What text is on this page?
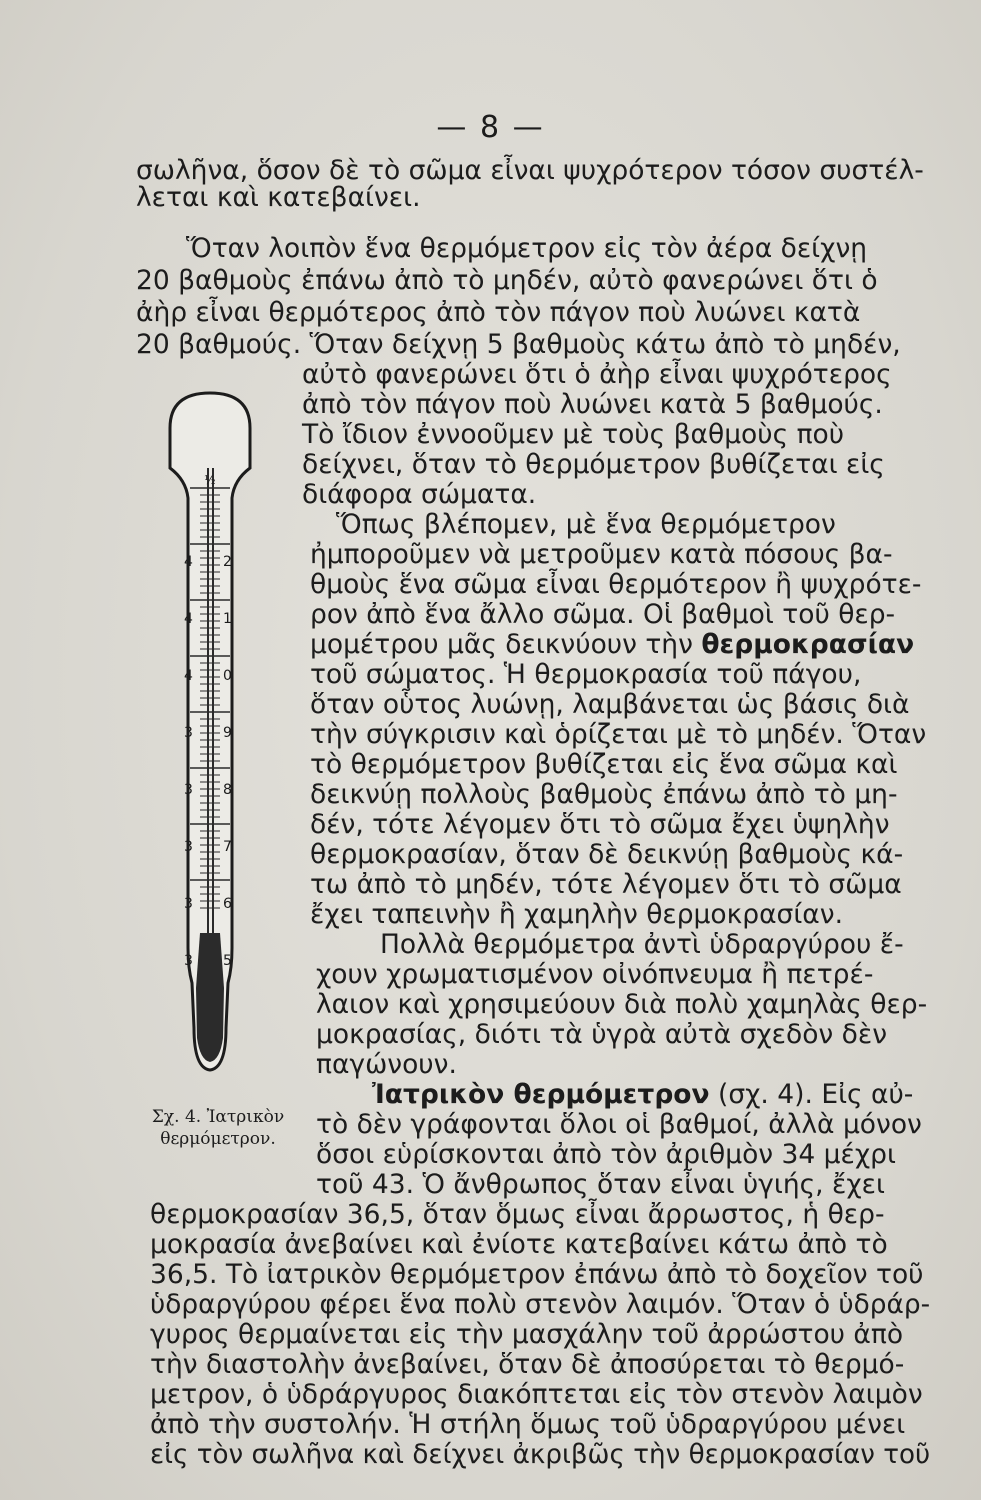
— 8 —
½
4 2
4 1
4 0
3 9
3 8
3 7
3 6
3 5
Σχ. 4. Ἰατρικὸν θερμόμετρον.
σωλῆνα, ὅσον δὲ τὸ σῶμα εἶναι ψυχρότερον τόσον συστέλ-
λεται καὶ κατεβαίνει.
Ὅταν λοιπὸν ἕνα θερμόμετρον εἰς τὸν ἀέρα δείχνῃ
20 βαθμοὺς ἐπάνω ἀπὸ τὸ μηδέν, αὐτὸ φανερώνει ὅτι ὁ
ἀὴρ εἶναι θερμότερος ἀπὸ τὸν πάγον ποὺ λυώνει κατὰ
20 βαθμούς. Ὅταν δείχνῃ 5 βαθμοὺς κάτω ἀπὸ τὸ μηδέν,
αὐτὸ φανερώνει ὅτι ὁ ἀὴρ εἶναι ψυχρότερος
ἀπὸ τὸν πάγον ποὺ λυώνει κατὰ 5 βαθμούς.
Τὸ ἴδιον ἐννοοῦμεν μὲ τοὺς βαθμοὺς ποὺ
δείχνει, ὅταν τὸ θερμόμετρον βυθίζεται εἰς
διάφορα σώματα.
Ὅπως βλέπομεν, μὲ ἕνα θερμόμετρον
ἠμποροῦμεν νὰ μετροῦμεν κατὰ πόσους βα-
θμοὺς ἕνα σῶμα εἶναι θερμότερον ἢ ψυχρότε-
ρον ἀπὸ ἕνα ἄλλο σῶμα. Οἱ βαθμοὶ τοῦ θερ-
μομέτρου μᾶς δεικνύουν τὴν θερμοκρασίαν
τοῦ σώματος. Ἡ θερμοκρασία τοῦ πάγου,
ὅταν οὗτος λυώνῃ, λαμβάνεται ὡς βάσις διὰ
τὴν σύγκρισιν καὶ ὁρίζεται μὲ τὸ μηδέν. Ὅταν
τὸ θερμόμετρον βυθίζεται εἰς ἕνα σῶμα καὶ
δεικνύῃ πολλοὺς βαθμοὺς ἐπάνω ἀπὸ τὸ μη-
δέν, τότε λέγομεν ὅτι τὸ σῶμα ἔχει ὑψηλὴν
θερμοκρασίαν, ὅταν δὲ δεικνύῃ βαθμοὺς κά-
τω ἀπὸ τὸ μηδέν, τότε λέγομεν ὅτι τὸ σῶμα
ἔχει ταπεινὴν ἢ χαμηλὴν θερμοκρασίαν.
Πολλὰ θερμόμετρα ἀντὶ ὑδραργύρου ἔ-
χουν χρωματισμένον οἰνόπνευμα ἢ πετρέ-
λαιον καὶ χρησιμεύουν διὰ πολὺ χαμηλὰς θερ-
μοκρασίας, διότι τὰ ὑγρὰ αὐτὰ σχεδὸν δὲν
παγώνουν.
Ἰατρικὸν θερμόμετρον (σχ. 4). Εἰς αὐ-
τὸ δὲν γράφονται ὅλοι οἱ βαθμοί, ἀλλὰ μόνον
ὅσοι εὑρίσκονται ἀπὸ τὸν ἀριθμὸν 34 μέχρι
τοῦ 43. Ὁ ἄνθρωπος ὅταν εἶναι ὑγιής, ἔχει
θερμοκρασίαν 36,5, ὅταν ὅμως εἶναι ἄρρωστος, ἡ θερ-
μοκρασία ἀνεβαίνει καὶ ἐνίοτε κατεβαίνει κάτω ἀπὸ τὸ
36,5. Τὸ ἰατρικὸν θερμόμετρον ἐπάνω ἀπὸ τὸ δοχεῖον τοῦ
ὑδραργύρου φέρει ἕνα πολὺ στενὸν λαιμόν. Ὅταν ὁ ὑδράρ-
γυρος θερμαίνεται εἰς τὴν μασχάλην τοῦ ἀρρώστου ἀπὸ
τὴν διαστολὴν ἀνεβαίνει, ὅταν δὲ ἀποσύρεται τὸ θερμό-
μετρον, ὁ ὑδράργυρος διακόπτεται εἰς τὸν στενὸν λαιμὸν
ἀπὸ τὴν συστολήν. Ἡ στήλη ὅμως τοῦ ὑδραργύρου μένει
εἰς τὸν σωλῆνα καὶ δείχνει ἀκριβῶς τὴν θερμοκρασίαν τοῦ
